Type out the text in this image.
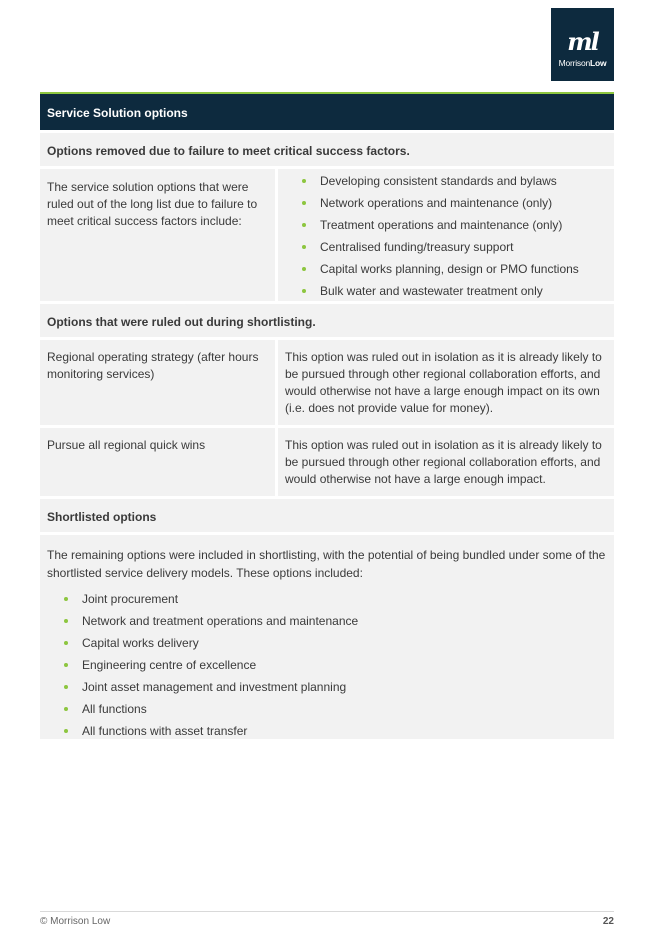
ml
MorrisonLow
Service Solution options
Options removed due to failure to meet critical success factors.
The service solution options that were ruled out of the long list due to failure to meet critical success factors include:
Developing consistent standards and bylaws
Network operations and maintenance (only)
Treatment operations and maintenance (only)
Centralised funding/treasury support
Capital works planning, design or PMO functions
Bulk water and wastewater treatment only
Options that were ruled out during shortlisting.
Regional operating strategy (after hours monitoring services)
This option was ruled out in isolation as it is already likely to be pursued through other regional collaboration efforts, and would otherwise not have a large enough impact on its own (i.e. does not provide value for money).
Pursue all regional quick wins	This option was ruled out in isolation as it is already likely to be pursued through other regional collaboration efforts, and would otherwise not have a large enough impact.
Shortlisted options
The remaining options were included in shortlisting, with the potential of being bundled under some of the shortlisted service delivery models. These options included:
Joint procurement
Network and treatment operations and maintenance
Capital works delivery
Engineering centre of excellence
Joint asset management and investment planning
All functions
All functions with asset transfer
© Morrison Low	22
